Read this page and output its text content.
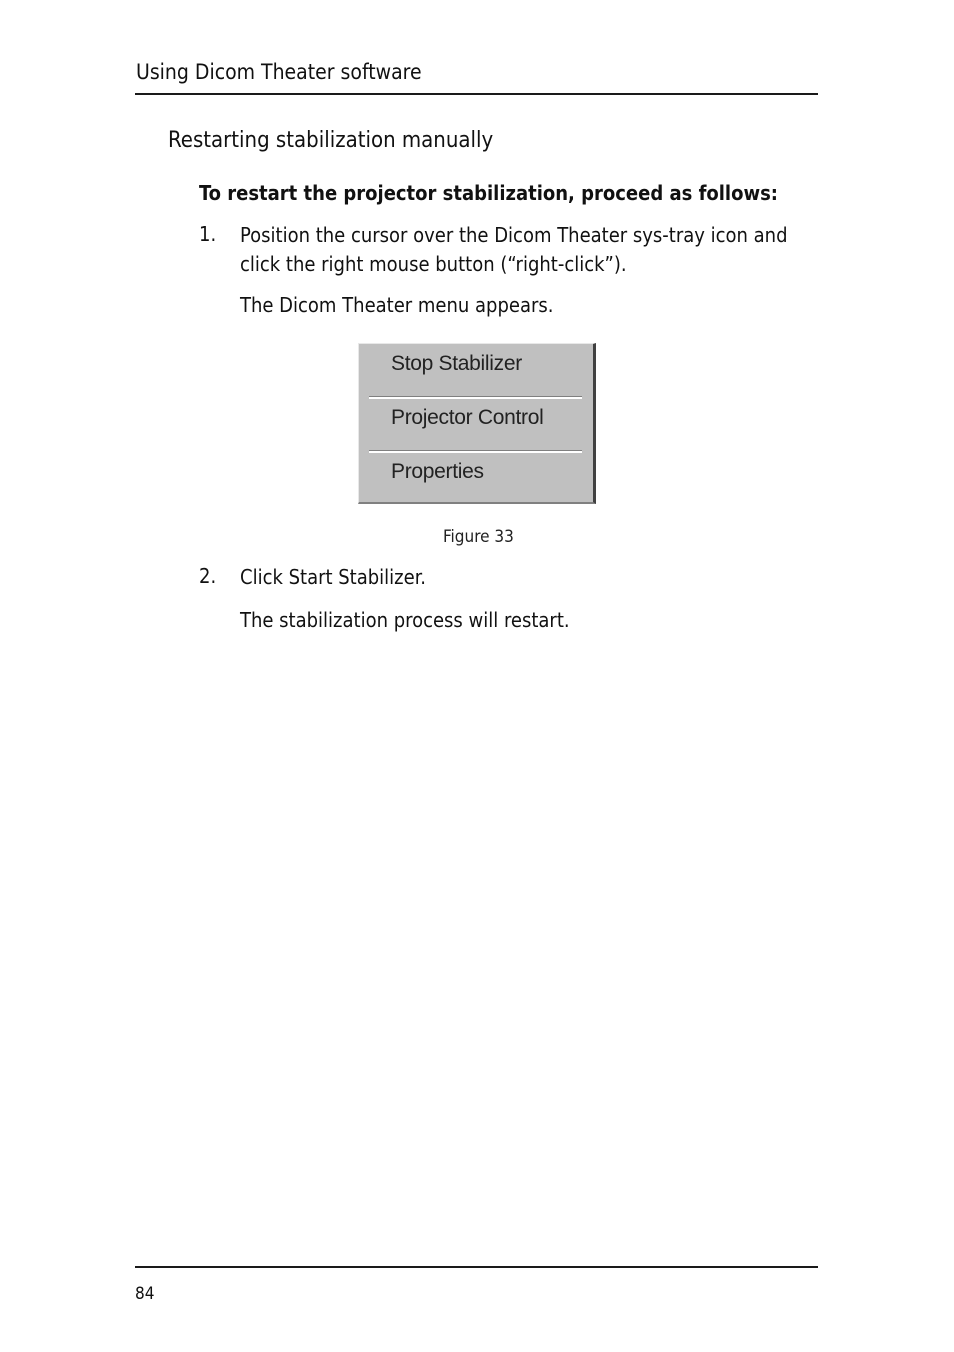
Using Dicom Theater software
Restarting stabilization manually
To restart the projector stabilization, proceed as follows:
1. Position the cursor over the Dicom Theater sys-tray icon and
click the right mouse button (“right-click”).
The Dicom Theater menu appears.
Stop Stabilizer
Projector Control
Properties
Figure 33
2. Click Start Stabilizer.
The stabilization process will restart.
84
